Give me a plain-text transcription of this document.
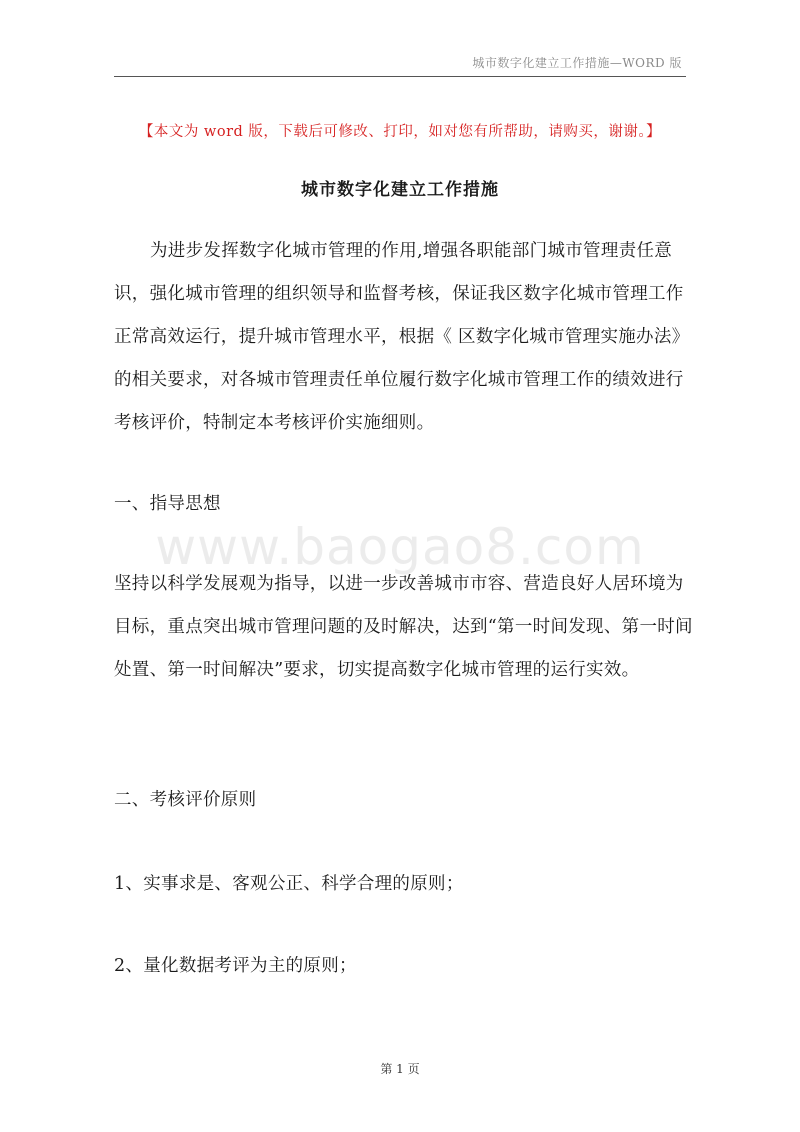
城市数字化建立工作措施—WORD 版
【本文为 word 版，下载后可修改、打印，如对您有所帮助，请购买，谢谢。】
城市数字化建立工作措施
为进步发挥数字化城市管理的作用,增强各职能部门城市管理责任意识，强化城市管理的组织领导和监督考核，保证我区数字化城市管理工作正常高效运行，提升城市管理水平，根据《 区数字化城市管理实施办法》的相关要求，对各城市管理责任单位履行数字化城市管理工作的绩效进行考核评价，特制定本考核评价实施细则。
一、指导思想
www.baogao8.com
坚持以科学发展观为指导，以进一步改善城市市容、营造良好人居环境为目标，重点突出城市管理问题的及时解决，达到“第一时间发现、第一时间处置、第一时间解决”要求，切实提高数字化城市管理的运行实效。
二、考核评价原则
1、实事求是、客观公正、科学合理的原则；
2、量化数据考评为主的原则；
第 1 页
